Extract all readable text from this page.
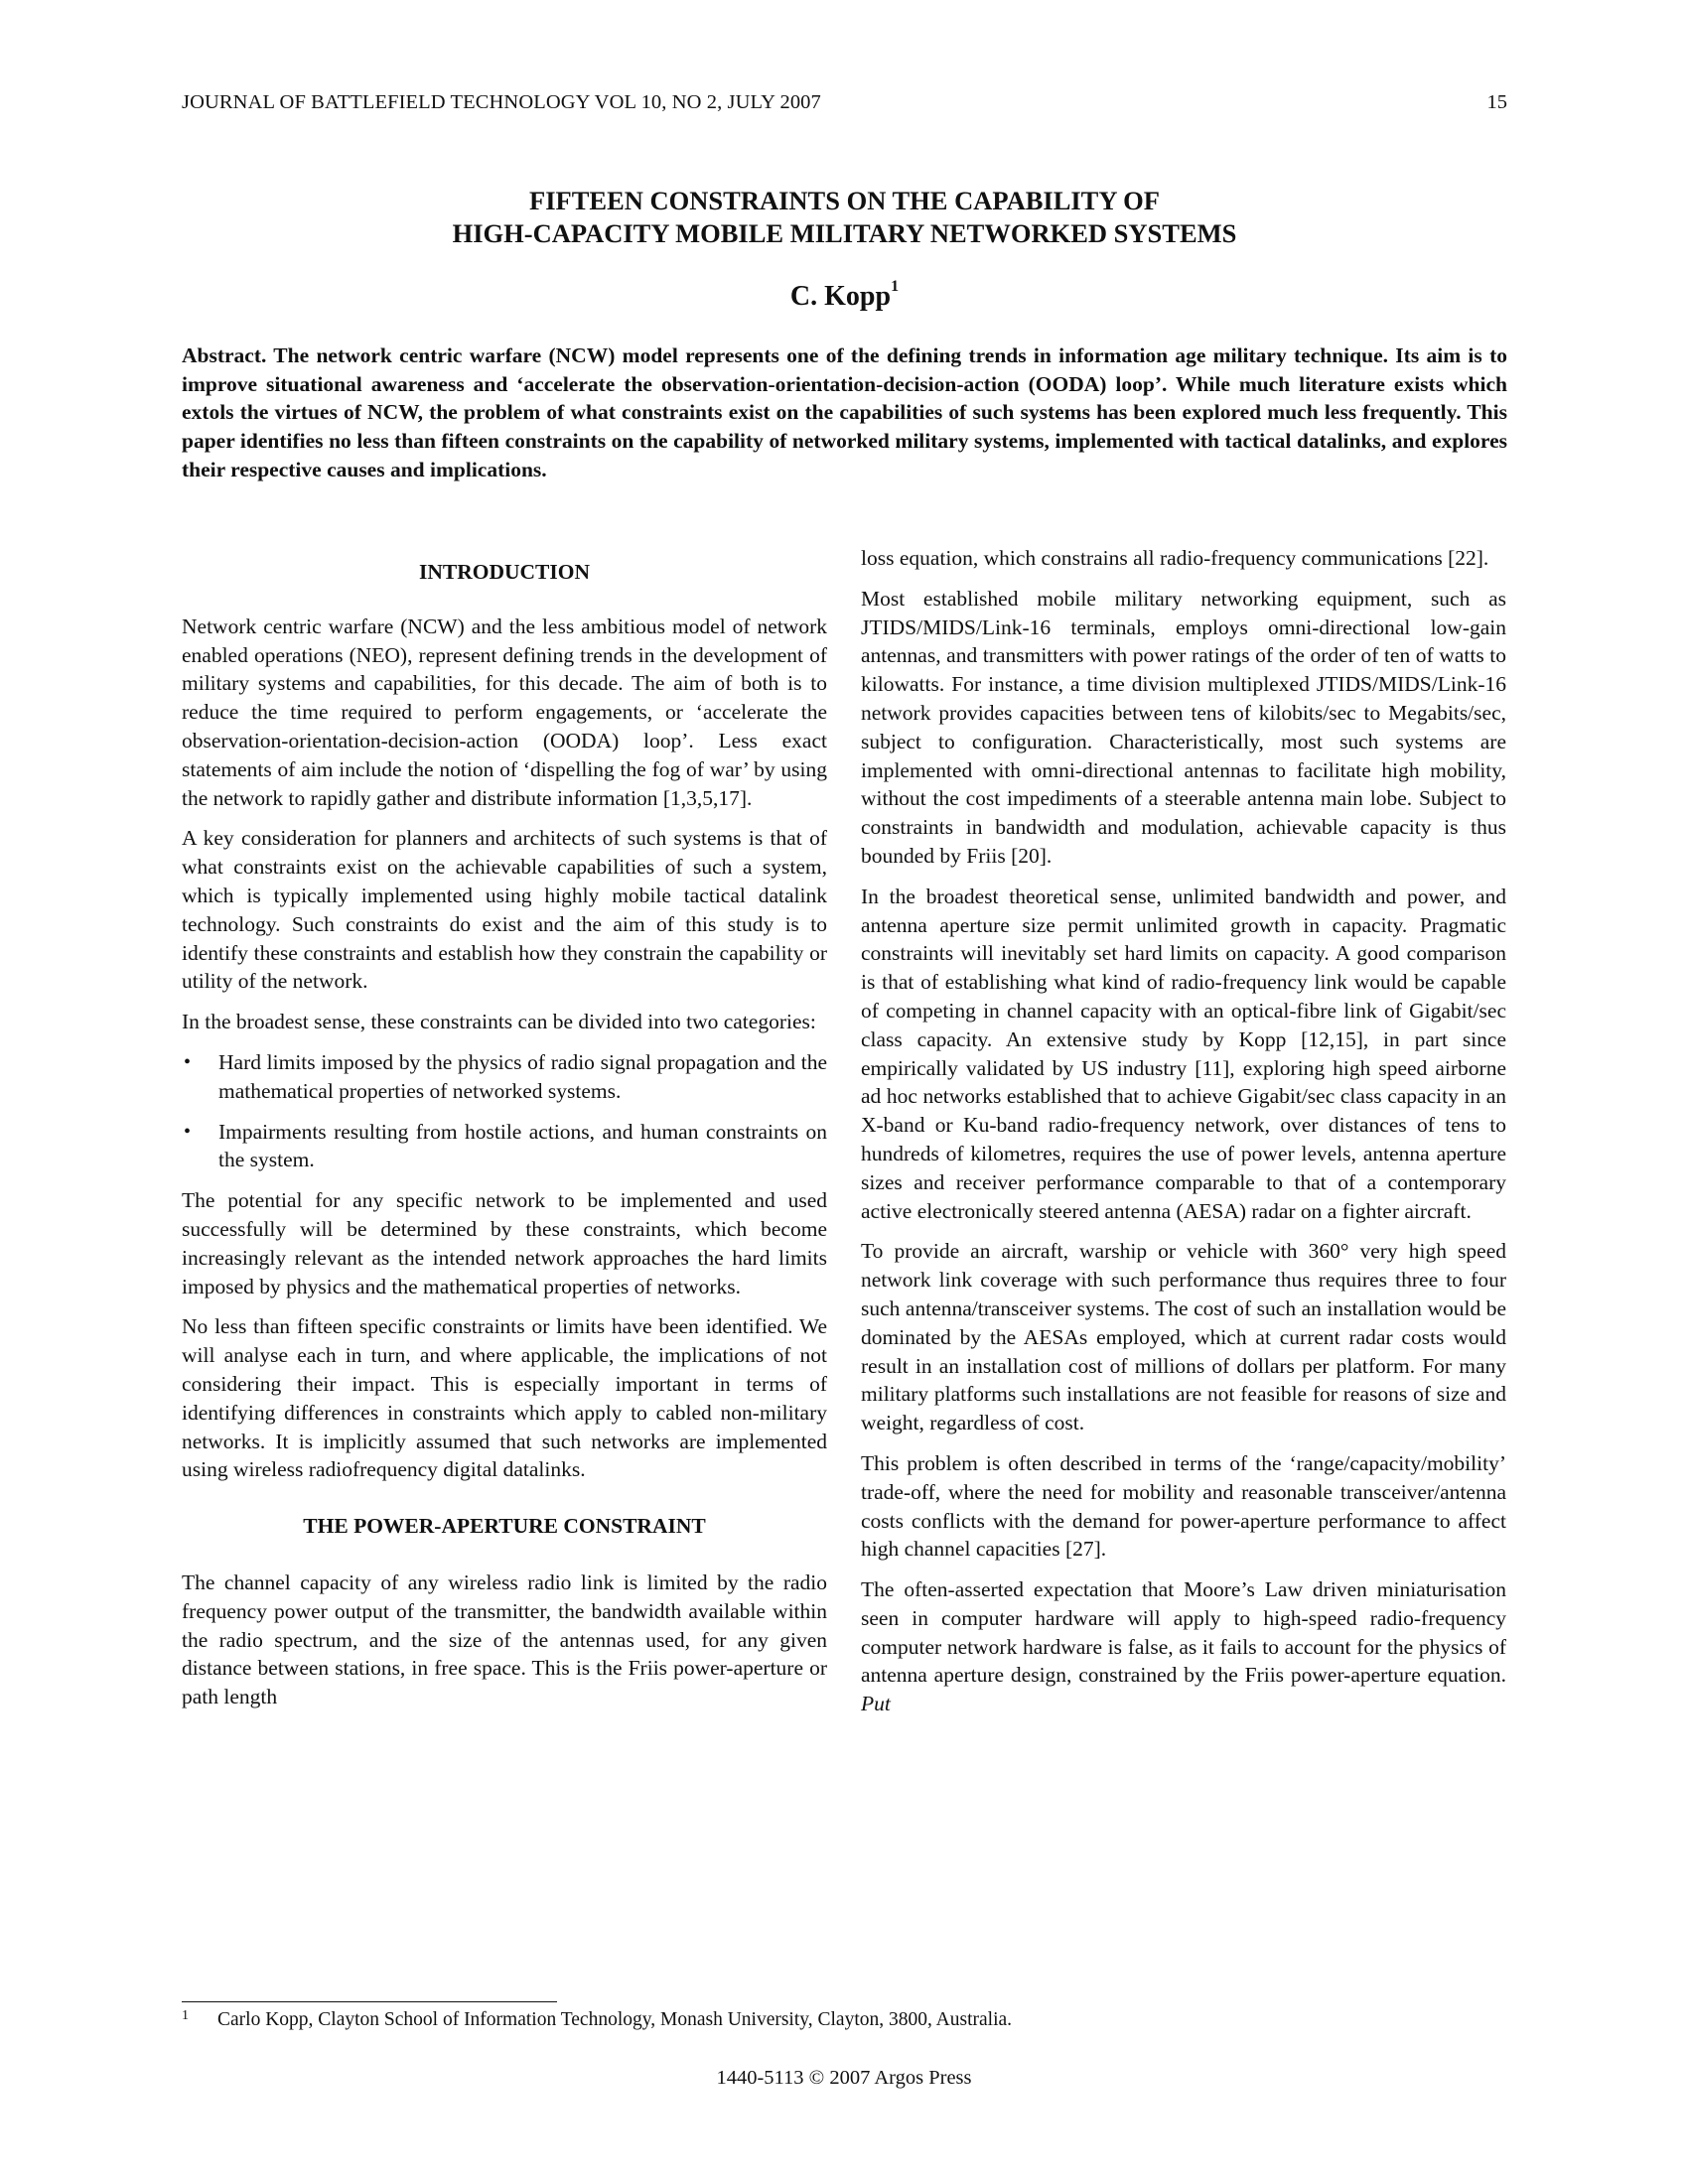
JOURNAL OF BATTLEFIELD TECHNOLOGY VOL 10, NO 2, JULY 2007	15
FIFTEEN CONSTRAINTS ON THE CAPABILITY OF
HIGH-CAPACITY MOBILE MILITARY NETWORKED SYSTEMS
C. Kopp$^1$
Abstract. The network centric warfare (NCW) model represents one of the defining trends in information age military technique. Its aim is to improve situational awareness and ‘accelerate the observation-orientation-decision-action (OODA) loop’. While much literature exists which extols the virtues of NCW, the problem of what constraints exist on the capabilities of such systems has been explored much less frequently. This paper identifies no less than fifteen constraints on the capability of networked military systems, implemented with tactical datalinks, and explores their respective causes and implications.
INTRODUCTION

Network centric warfare (NCW) and the less ambitious model of network enabled operations (NEO), represent defining trends in the development of military systems and capabilities, for this decade. The aim of both is to reduce the time required to perform engagements, or ‘accelerate the observation-orientation-decision-action (OODA) loop’. Less exact statements of aim include the notion of ‘dispelling the fog of war’ by using the network to rapidly gather and distribute information [1,3,5,17].

A key consideration for planners and architects of such systems is that of what constraints exist on the achievable capabilities of such a system, which is typically implemented using highly mobile tactical datalink technology. Such constraints do exist and the aim of this study is to identify these constraints and establish how they constrain the capability or utility of the network.

In the broadest sense, these constraints can be divided into two categories:

• Hard limits imposed by the physics of radio signal propagation and the mathematical properties of networked systems.
• Impairments resulting from hostile actions, and human constraints on the system.

The potential for any specific network to be implemented and used successfully will be determined by these constraints, which become increasingly relevant as the intended network approaches the hard limits imposed by physics and the mathematical properties of networks.

No less than fifteen specific constraints or limits have been identified. We will analyse each in turn, and where applicable, the implications of not considering their impact. This is especially important in terms of identifying differences in constraints which apply to cabled non-military networks. It is implicitly assumed that such networks are implemented using wireless radiofrequency digital datalinks.

THE POWER-APERTURE CONSTRAINT

The channel capacity of any wireless radio link is limited by the radio frequency power output of the transmitter, the bandwidth available within the radio spectrum, and the size of the antennas used, for any given distance between stations, in free space. This is the Friis power-aperture or path length

loss equation, which constrains all radio-frequency communications [22].

Most established mobile military networking equipment, such as JTIDS/MIDS/Link-16 terminals, employs omni-directional low-gain antennas, and transmitters with power ratings of the order of ten of watts to kilowatts. For instance, a time division multiplexed JTIDS/MIDS/Link-16 network provides capacities between tens of kilobits/sec to Megabits/sec, subject to configuration. Characteristically, most such systems are implemented with omni-directional antennas to facilitate high mobility, without the cost impediments of a steerable antenna main lobe. Subject to constraints in bandwidth and modulation, achievable capacity is thus bounded by Friis [20].

In the broadest theoretical sense, unlimited bandwidth and power, and antenna aperture size permit unlimited growth in capacity. Pragmatic constraints will inevitably set hard limits on capacity. A good comparison is that of establishing what kind of radio-frequency link would be capable of competing in channel capacity with an optical-fibre link of Gigabit/sec class capacity. An extensive study by Kopp [12,15], in part since empirically validated by US industry [11], exploring high speed airborne ad hoc networks established that to achieve Gigabit/sec class capacity in an X-band or Ku-band radio-frequency network, over distances of tens to hundreds of kilometres, requires the use of power levels, antenna aperture sizes and receiver performance comparable to that of a contemporary active electronically steered antenna (AESA) radar on a fighter aircraft.

To provide an aircraft, warship or vehicle with 360° very high speed network link coverage with such performance thus requires three to four such antenna/transceiver systems. The cost of such an installation would be dominated by the AESAs employed, which at current radar costs would result in an installation cost of millions of dollars per platform. For many military platforms such installations are not feasible for reasons of size and weight, regardless of cost.

This problem is often described in terms of the ‘range/capacity/mobility’ trade-off, where the need for mobility and reasonable transceiver/antenna costs conflicts with the demand for power-aperture performance to affect high channel capacities [27].

The often-asserted expectation that Moore’s Law driven miniaturisation seen in computer hardware will apply to high-speed radio-frequency computer network hardware is false, as it fails to account for the physics of antenna aperture design, constrained by the Friis power-aperture equation. Put

1 Carlo Kopp, Clayton School of Information Technology, Monash University, Clayton, 3800, Australia.
1440-5113 © 2007 Argos Press
